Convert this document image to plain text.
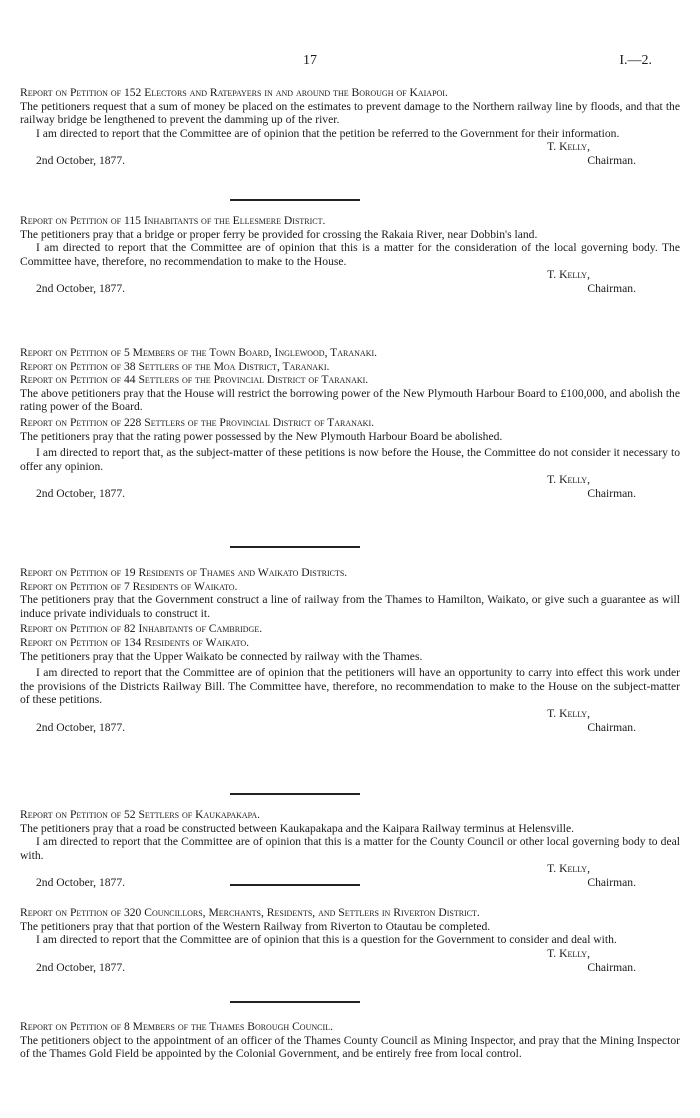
17	I.—2.

Report on Petition of 152 Electors and Ratepayers in and around the Borough of Kaiapoi.

The petitioners request that a sum of money be placed on the estimates to prevent damage to the Northern railway line by floods, and that the railway bridge be lengthened to prevent the damming up of the river.

I am directed to report that the Committee are of opinion that the petition be referred to the Government for their information.

T. Kelly,
2nd October, 1877.	Chairman.

Report on Petition of 115 Inhabitants of the Ellesmere District.

The petitioners pray that a bridge or proper ferry be provided for crossing the Rakaia River, near Dobbin's land.

I am directed to report that the Committee are of opinion that this is a matter for the consideration of the local governing body. The Committee have, therefore, no recommendation to make to the House.

T. Kelly,
2nd October, 1877.	Chairman.

Report on Petition of 5 Members of the Town Board, Inglewood, Taranaki.

Report on Petition of 38 Settlers of the Moa District, Taranaki.

Report on Petition of 44 Settlers of the Provincial District of Taranaki.

The above petitioners pray that the House will restrict the borrowing power of the New Plymouth Harbour Board to £100,000, and abolish the rating power of the Board.

Report on Petition of 228 Settlers of the Provincial District of Taranaki.

The petitioners pray that the rating power possessed by the New Plymouth Harbour Board be abolished.

I am directed to report that, as the subject-matter of these petitions is now before the House, the Committee do not consider it necessary to offer any opinion.

T. Kelly,
2nd October, 1877.	Chairman.

Report on Petition of 19 Residents of Thames and Waikato Districts.

Report on Petition of 7 Residents of Waikato.

The petitioners pray that the Government construct a line of railway from the Thames to Hamilton, Waikato, or give such a guarantee as will induce private individuals to construct it.

Report on Petition of 82 Inhabitants of Cambridge.

Report on Petition of 134 Residents of Waikato.

The petitioners pray that the Upper Waikato be connected by railway with the Thames.

I am directed to report that the Committee are of opinion that the petitioners will have an opportunity to carry into effect this work under the provisions of the Districts Railway Bill. The Committee have, therefore, no recommendation to make to the House on the subject-matter of these petitions.

T. Kelly,
2nd October, 1877.	Chairman.

Report on Petition of 52 Settlers of Kaukapakapa.

The petitioners pray that a road be constructed between Kaukapakapa and the Kaipara Railway terminus at Helensville.

I am directed to report that the Committee are of opinion that this is a matter for the County Council or other local governing body to deal with.

T. Kelly,
2nd October, 1877.	Chairman.

Report on Petition of 320 Councillors, Merchants, Residents, and Settlers in Riverton District.

The petitioners pray that that portion of the Western Railway from Riverton to Otautau be completed.

I am directed to report that the Committee are of opinion that this is a question for the Government to consider and deal with.

T. Kelly,
2nd October, 1877.	Chairman.

Report on Petition of 8 Members of the Thames Borough Council.

The petitioners object to the appointment of an officer of the Thames County Council as Mining Inspector, and pray that the Mining Inspector of the Thames Gold Field be appointed by the Colonial Government, and be entirely free from local control.
